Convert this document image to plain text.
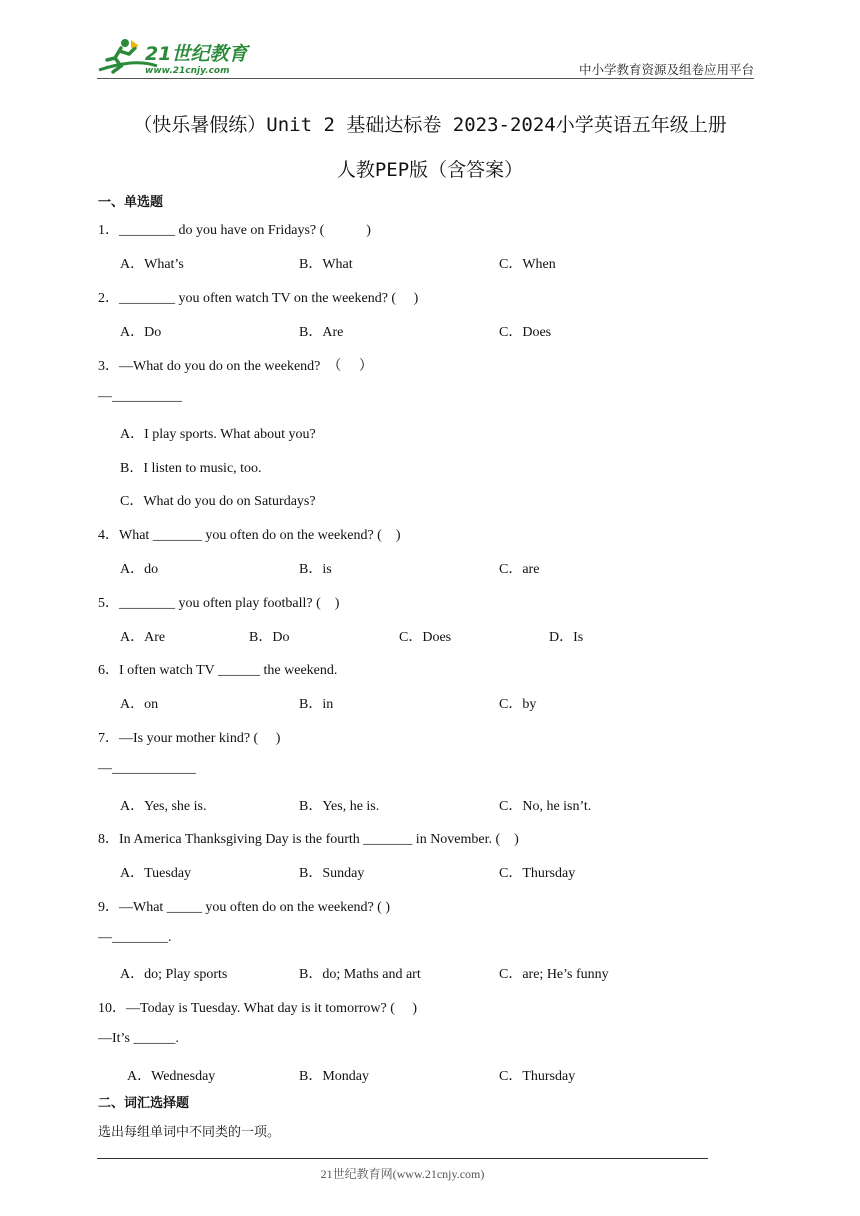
21世纪教育
www.21cnjy.com	中小学教育资源及组卷应用平台
（快乐暑假练）Unit 2 基础达标卷 2023-2024小学英语五年级上册
人教PEP版（含答案）
一、单选题
1．________ do you have on Fridays? (　　　)
A．What’s	B．What	C．When
2．________ you often watch TV on the weekend? (　 )
A．Do	B．Are	C．Does
3．—What do you do on the weekend?　（　 ）
—__________
A．I play sports. What about you?
B．I listen to music, too.
C．What do you do on Saturdays?
4．What _______ you often do on the weekend? (　)
A．do	B．is	C．are
5．________ you often play football? (　)
A．Are	B．Do	C．Does	D．Is
6．I often watch TV ______ the weekend.
A．on	B．in	C．by
7．—Is your mother kind? (　 )
—____________
A．Yes, she is.	B．Yes, he is.	C．No, he isn’t.
8．In America Thanksgiving Day is the fourth _______ in November. (　)
A．Tuesday	B．Sunday	C．Thursday
9．—What _____ you often do on the weekend? ( )
—________.
A．do; Play sports	B．do; Maths and art	C．are; He’s funny
10．—Today is Tuesday. What day is it tomorrow? (　 )
—It’s ______.
A．Wednesday	B．Monday	C．Thursday
二、词汇选择题
选出每组单词中不同类的一项。
21世纪教育网(www.21cnjy.com)
